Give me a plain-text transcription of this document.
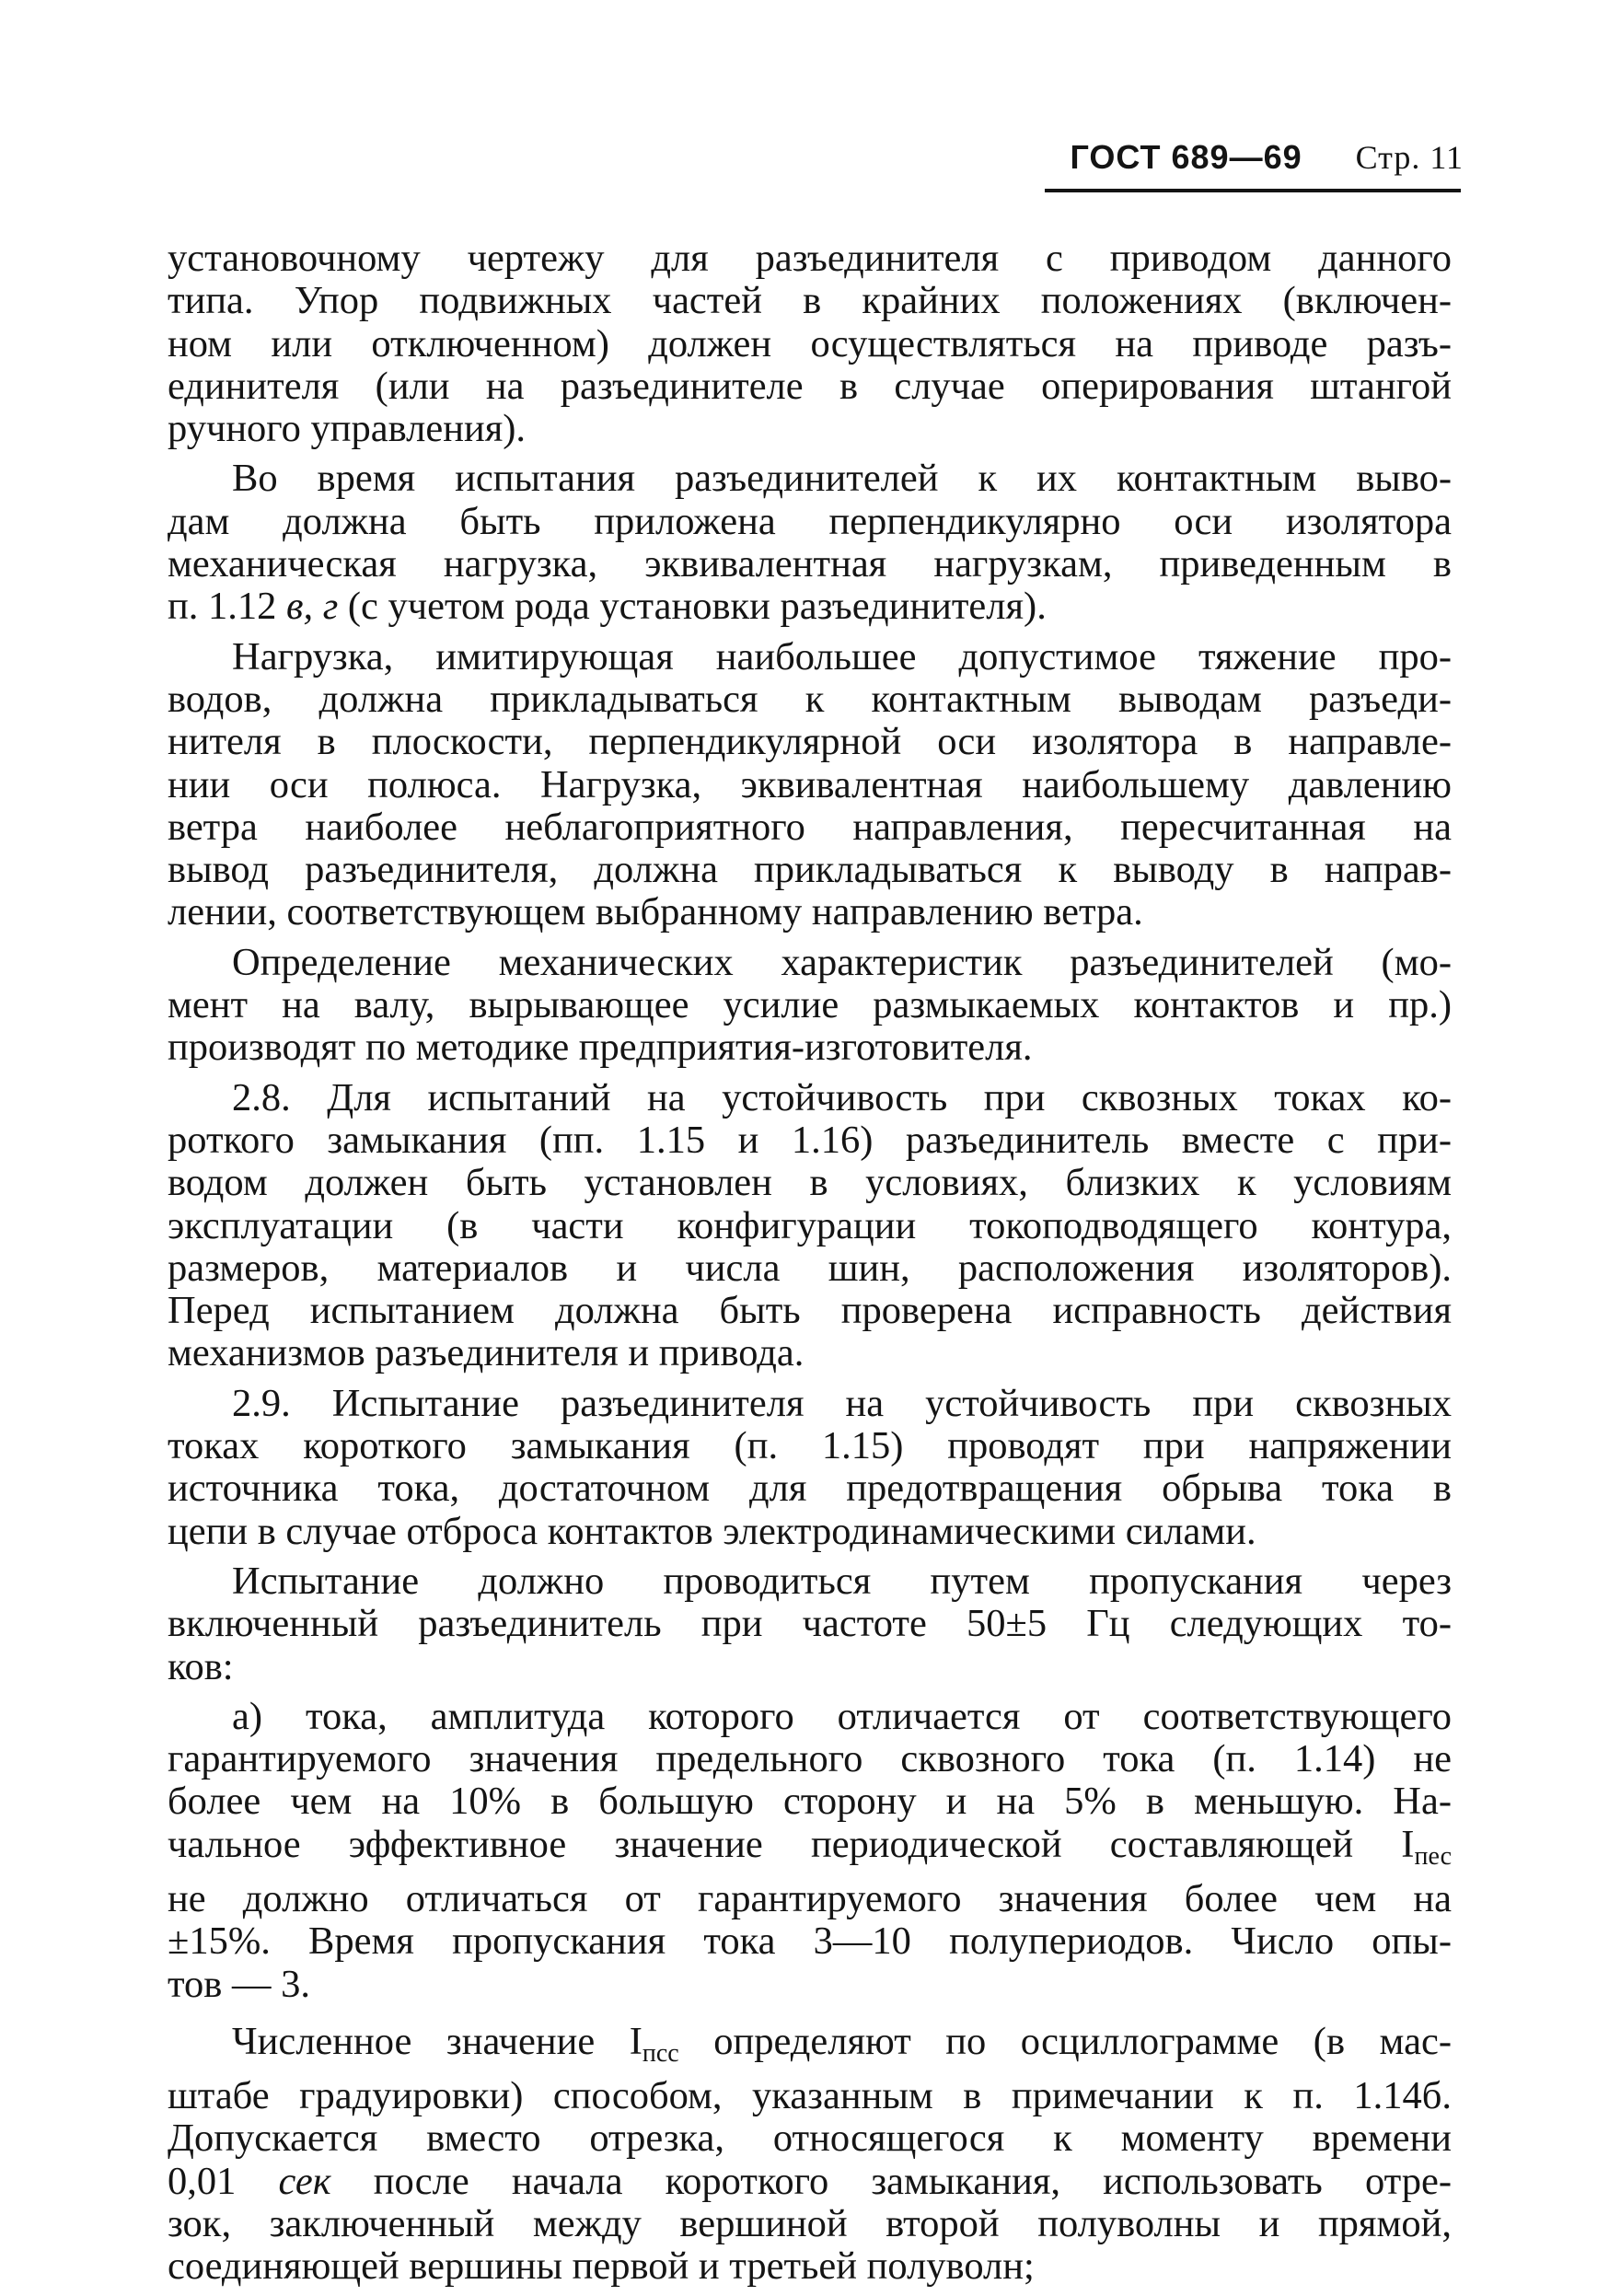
ГОСТ 689—69 Стр. 11
установочному чертежу для разъединителя с приводом данного
типа. Упор подвижных частей в крайних положениях (включен-
ном или отключенном) должен осуществляться на приводе разъ-
единителя (или на разъединителе в случае оперирования штангой
ручного управления).
Во время испытания разъединителей к их контактным выво-
дам должна быть приложена перпендикулярно оси изолятора
механическая нагрузка, эквивалентная нагрузкам, приведенным в
п. 1.12 в, г (с учетом рода установки разъединителя).
Нагрузка, имитирующая наибольшее допустимое тяжение про-
водов, должна прикладываться к контактным выводам разъеди-
нителя в плоскости, перпендикулярной оси изолятора в направле-
нии оси полюса. Нагрузка, эквивалентная наибольшему давлению
ветра наиболее неблагоприятного направления, пересчитанная на
вывод разъединителя, должна прикладываться к выводу в направ-
лении, соответствующем выбранному направлению ветра.
Определение механических характеристик разъединителей (мо-
мент на валу, вырывающее усилие размыкаемых контактов и пр.)
производят по методике предприятия-изготовителя.
2.8. Для испытаний на устойчивость при сквозных токах ко-
роткого замыкания (пп. 1.15 и 1.16) разъединитель вместе с при-
водом должен быть установлен в условиях, близких к условиям
эксплуатации (в части конфигурации токоподводящего контура,
размеров, материалов и числа шин, расположения изоляторов).
Перед испытанием должна быть проверена исправность действия
механизмов разъединителя и привода.
2.9. Испытание разъединителя на устойчивость при сквозных
токах короткого замыкания (п. 1.15) проводят при напряжении
источника тока, достаточном для предотвращения обрыва тока в
цепи в случае отброса контактов электродинамическими силами.
Испытание должно проводиться путем пропускания через
включенный разъединитель при частоте 50±5 Гц следующих то-
ков:
а) тока, амплитуда которого отличается от соответствующего
гарантируемого значения предельного сквозного тока (п. 1.14) не
более чем на 10% в большую сторону и на 5% в меньшую. На-
чальное эффективное значение периодической составляющей $I_{пес}$
не должно отличаться от гарантируемого значения более чем на
±15%. Время пропускания тока 3—10 полупериодов. Число опы-
тов — 3.
Численное значение $I_{псс}$ определяют по осциллограмме (в мас-
штабе градуировки) способом, указанным в примечании к п. 1.14б.
Допускается вместо отрезка, относящегося к моменту времени
0,01 сек после начала короткого замыкания, использовать отре-
зок, заключенный между вершиной второй полуволны и прямой,
соединяющей вершины первой и третьей полуволн;
